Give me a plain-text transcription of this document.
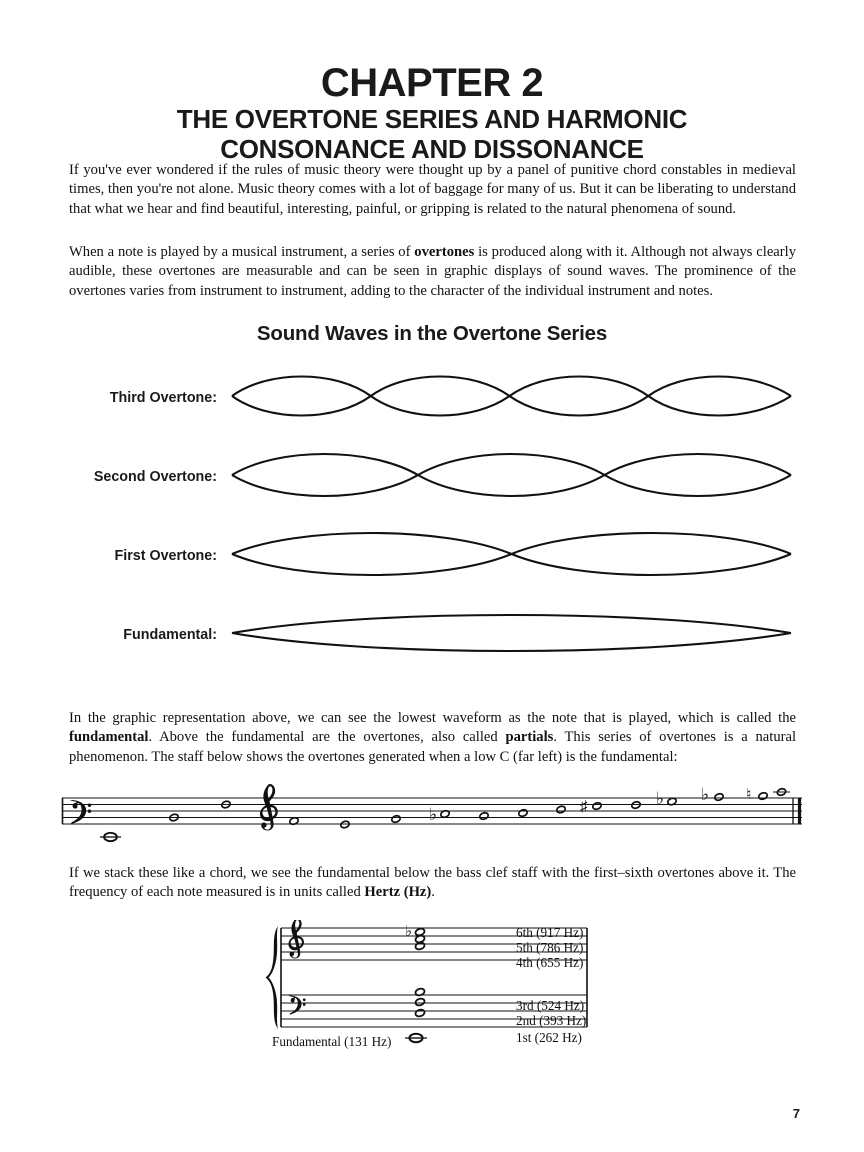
CHAPTER 2
THE OVERTONE SERIES AND HARMONIC
CONSONANCE AND DISSONANCE
If you've ever wondered if the rules of music theory were thought up by a panel of punitive chord constables in medieval times, then you're not alone. Music theory comes with a lot of baggage for many of us. But it can be liberating to understand that what we hear and find beautiful, interesting, painful, or gripping is related to the natural phenomena of sound.
When a note is played by a musical instrument, a series of overtones is produced along with it. Although not always clearly audible, these overtones are measurable and can be seen in graphic displays of sound waves. The prominence of the overtones varies from instrument to instrument, adding to the character of the individual instrument and notes.
Sound Waves in the Overtone Series
Third Overtone:
Second Overtone:
First Overtone:
Fundamental:
In the graphic representation above, we can see the lowest waveform as the note that is played, which is called the fundamental. Above the fundamental are the overtones, also called partials. This series of overtones is a natural phenomenon. The staff below shows the overtones generated when a low C (far left) is the fundamental:
♭	♯	♭ ♭ ♮
If we stack these like a chord, we see the fundamental below the bass clef staff with the first–sixth overtones above it. The frequency of each note measured is in units called Hertz (Hz).
♭
Fundamental (131 Hz)
6th (917 Hz)
5th (786 Hz)
4th (655 Hz)
3rd (524 Hz)
2nd (393 Hz)
1st (262 Hz)
7
